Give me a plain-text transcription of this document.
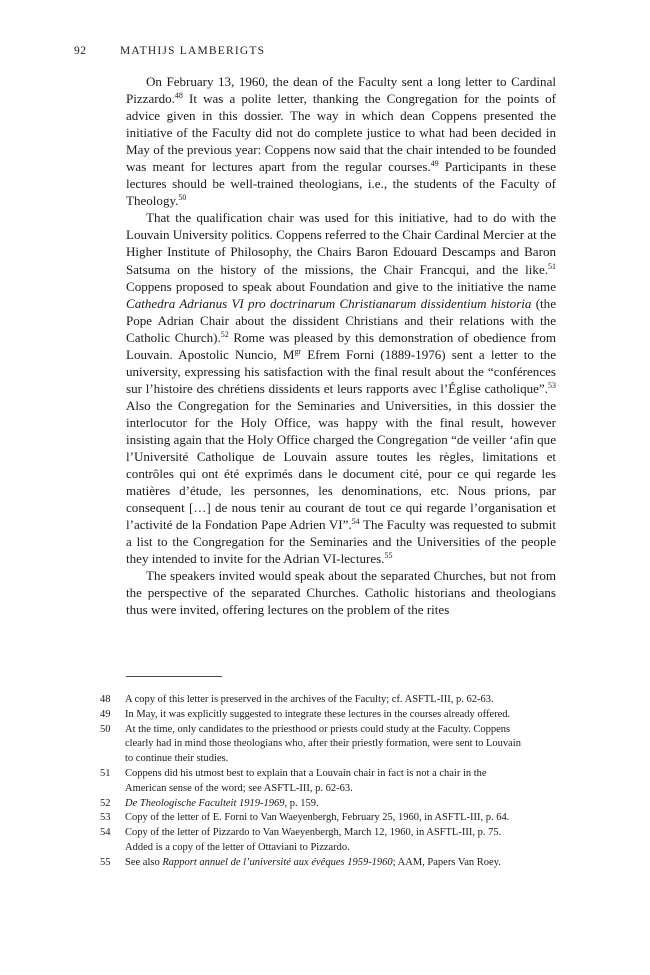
92	MATHIJS LAMBERIGTS

On February 13, 1960, the dean of the Faculty sent a long letter to Cardinal Pizzardo.$^{48}$ It was a polite letter, thanking the Congregation for the points of advice given in this dossier. The way in which dean Coppens presented the initiative of the Faculty did not do complete justice to what had been decided in May of the previous year: Coppens now said that the chair intended to be founded was meant for lectures apart from the regular courses.$^{49}$ Participants in these lectures should be well-trained theologians, i.e., the students of the Faculty of Theology.$^{50}$

That the qualification chair was used for this initiative, had to do with the Louvain University politics. Coppens referred to the Chair Cardinal Mercier at the Higher Institute of Philosophy, the Chairs Baron Edouard Descamps and Baron Satsuma on the history of the missions, the Chair Francqui, and the like.$^{51}$ Coppens proposed to speak about Foundation and give to the initiative the name Cathedra Adrianus VI pro doctrinarum Christianarum dissidentium historia (the Pope Adrian Chair about the dissident Christians and their relations with the Catholic Church).$^{52}$ Rome was pleased by this demonstration of obedience from Louvain. Apostolic Nuncio, $M^{gr}$ Efrem Forni (1889-1976) sent a letter to the university, expressing his satisfaction with the final result about the “conférences sur l’histoire des chrétiens dissidents et leurs rapports avec l’Église catholique”.$^{53}$ Also the Congregation for the Seminaries and Universities, in this dossier the interlocutor for the Holy Office, was happy with the final result, however insisting again that the Holy Office charged the Congregation “de veiller ‘afin que l’Université Catholique de Louvain assure toutes les règles, limitations et contrôles qui ont été exprimés dans le document cité, pour ce qui regarde les matières d’étude, les personnes, les denominations, etc. Nous prions, par consequent […] de nous tenir au courant de tout ce qui regarde l’organisation et l’activité de la Fondation Pape Adrien VI”.$^{54}$ The Faculty was requested to submit a list to the Congregation for the Seminaries and the Universities of the people they intended to invite for the Adrian VI-lectures.$^{55}$

The speakers invited would speak about the separated Churches, but not from the perspective of the separated Churches. Catholic historians and theologians thus were invited, offering lectures on the problem of the rites

48	A copy of this letter is preserved in the archives of the Faculty; cf. ASFTL-III, p. 62-63.
49	In May, it was explicitly suggested to integrate these lectures in the courses already offered.
50	At the time, only candidates to the priesthood or priests could study at the Faculty. Coppens clearly had in mind those theologians who, after their priestly formation, were sent to Louvain to continue their studies.
51	Coppens did his utmost best to explain that a Louvain chair in fact is not a chair in the American sense of the word; see ASFTL-III, p. 62-63.
52	De Theologische Faculteit 1919-1969, p. 159.
53	Copy of the letter of E. Forni to Van Waeyenbergh, February 25, 1960, in ASFTL-III, p. 64.
54	Copy of the letter of Pizzardo to Van Waeyenbergh, March 12, 1960, in ASFTL-III, p. 75. Added is a copy of the letter of Ottaviani to Pizzardo.
55	See also Rapport annuel de l’université aux évêques 1959-1960; AAM, Papers Van Roey.
